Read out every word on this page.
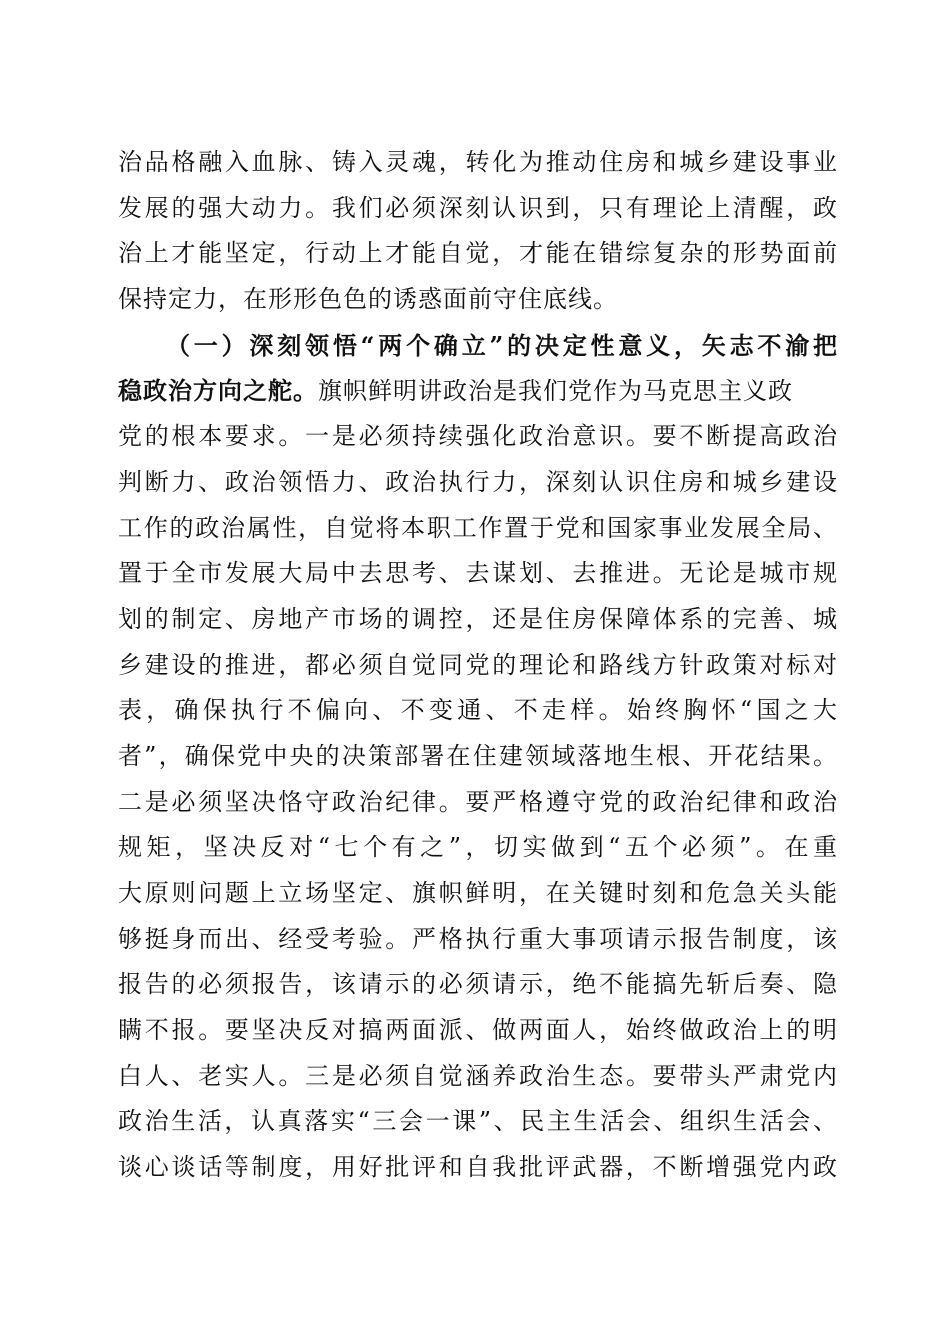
治品格融入血脉、铸入灵魂，转化为推动住房和城乡建设事业
发展的强大动力。我们必须深刻认识到，只有理论上清醒，政
治上才能坚定，行动上才能自觉，才能在错综复杂的形势面前
保持定力，在形形色色的诱惑面前守住底线。
（一）深刻领悟“两个确立”的决定性意义，矢志不渝把
稳政治方向之舵。旗帜鲜明讲政治是我们党作为马克思主义政
党的根本要求。一是必须持续强化政治意识。要不断提高政治
判断力、政治领悟力、政治执行力，深刻认识住房和城乡建设
工作的政治属性，自觉将本职工作置于党和国家事业发展全局、
置于全市发展大局中去思考、去谋划、去推进。无论是城市规
划的制定、房地产市场的调控，还是住房保障体系的完善、城
乡建设的推进，都必须自觉同党的理论和路线方针政策对标对
表，确保执行不偏向、不变通、不走样。始终胸怀“国之大
者”，确保党中央的决策部署在住建领域落地生根、开花结果。
二是必须坚决恪守政治纪律。要严格遵守党的政治纪律和政治
规矩，坚决反对“七个有之”，切实做到“五个必须”。在重
大原则问题上立场坚定、旗帜鲜明，在关键时刻和危急关头能
够挺身而出、经受考验。严格执行重大事项请示报告制度，该
报告的必须报告，该请示的必须请示，绝不能搞先斩后奏、隐
瞒不报。要坚决反对搞两面派、做两面人，始终做政治上的明
白人、老实人。三是必须自觉涵养政治生态。要带头严肃党内
政治生活，认真落实“三会一课”、民主生活会、组织生活会、
谈心谈话等制度，用好批评和自我批评武器，不断增强党内政
